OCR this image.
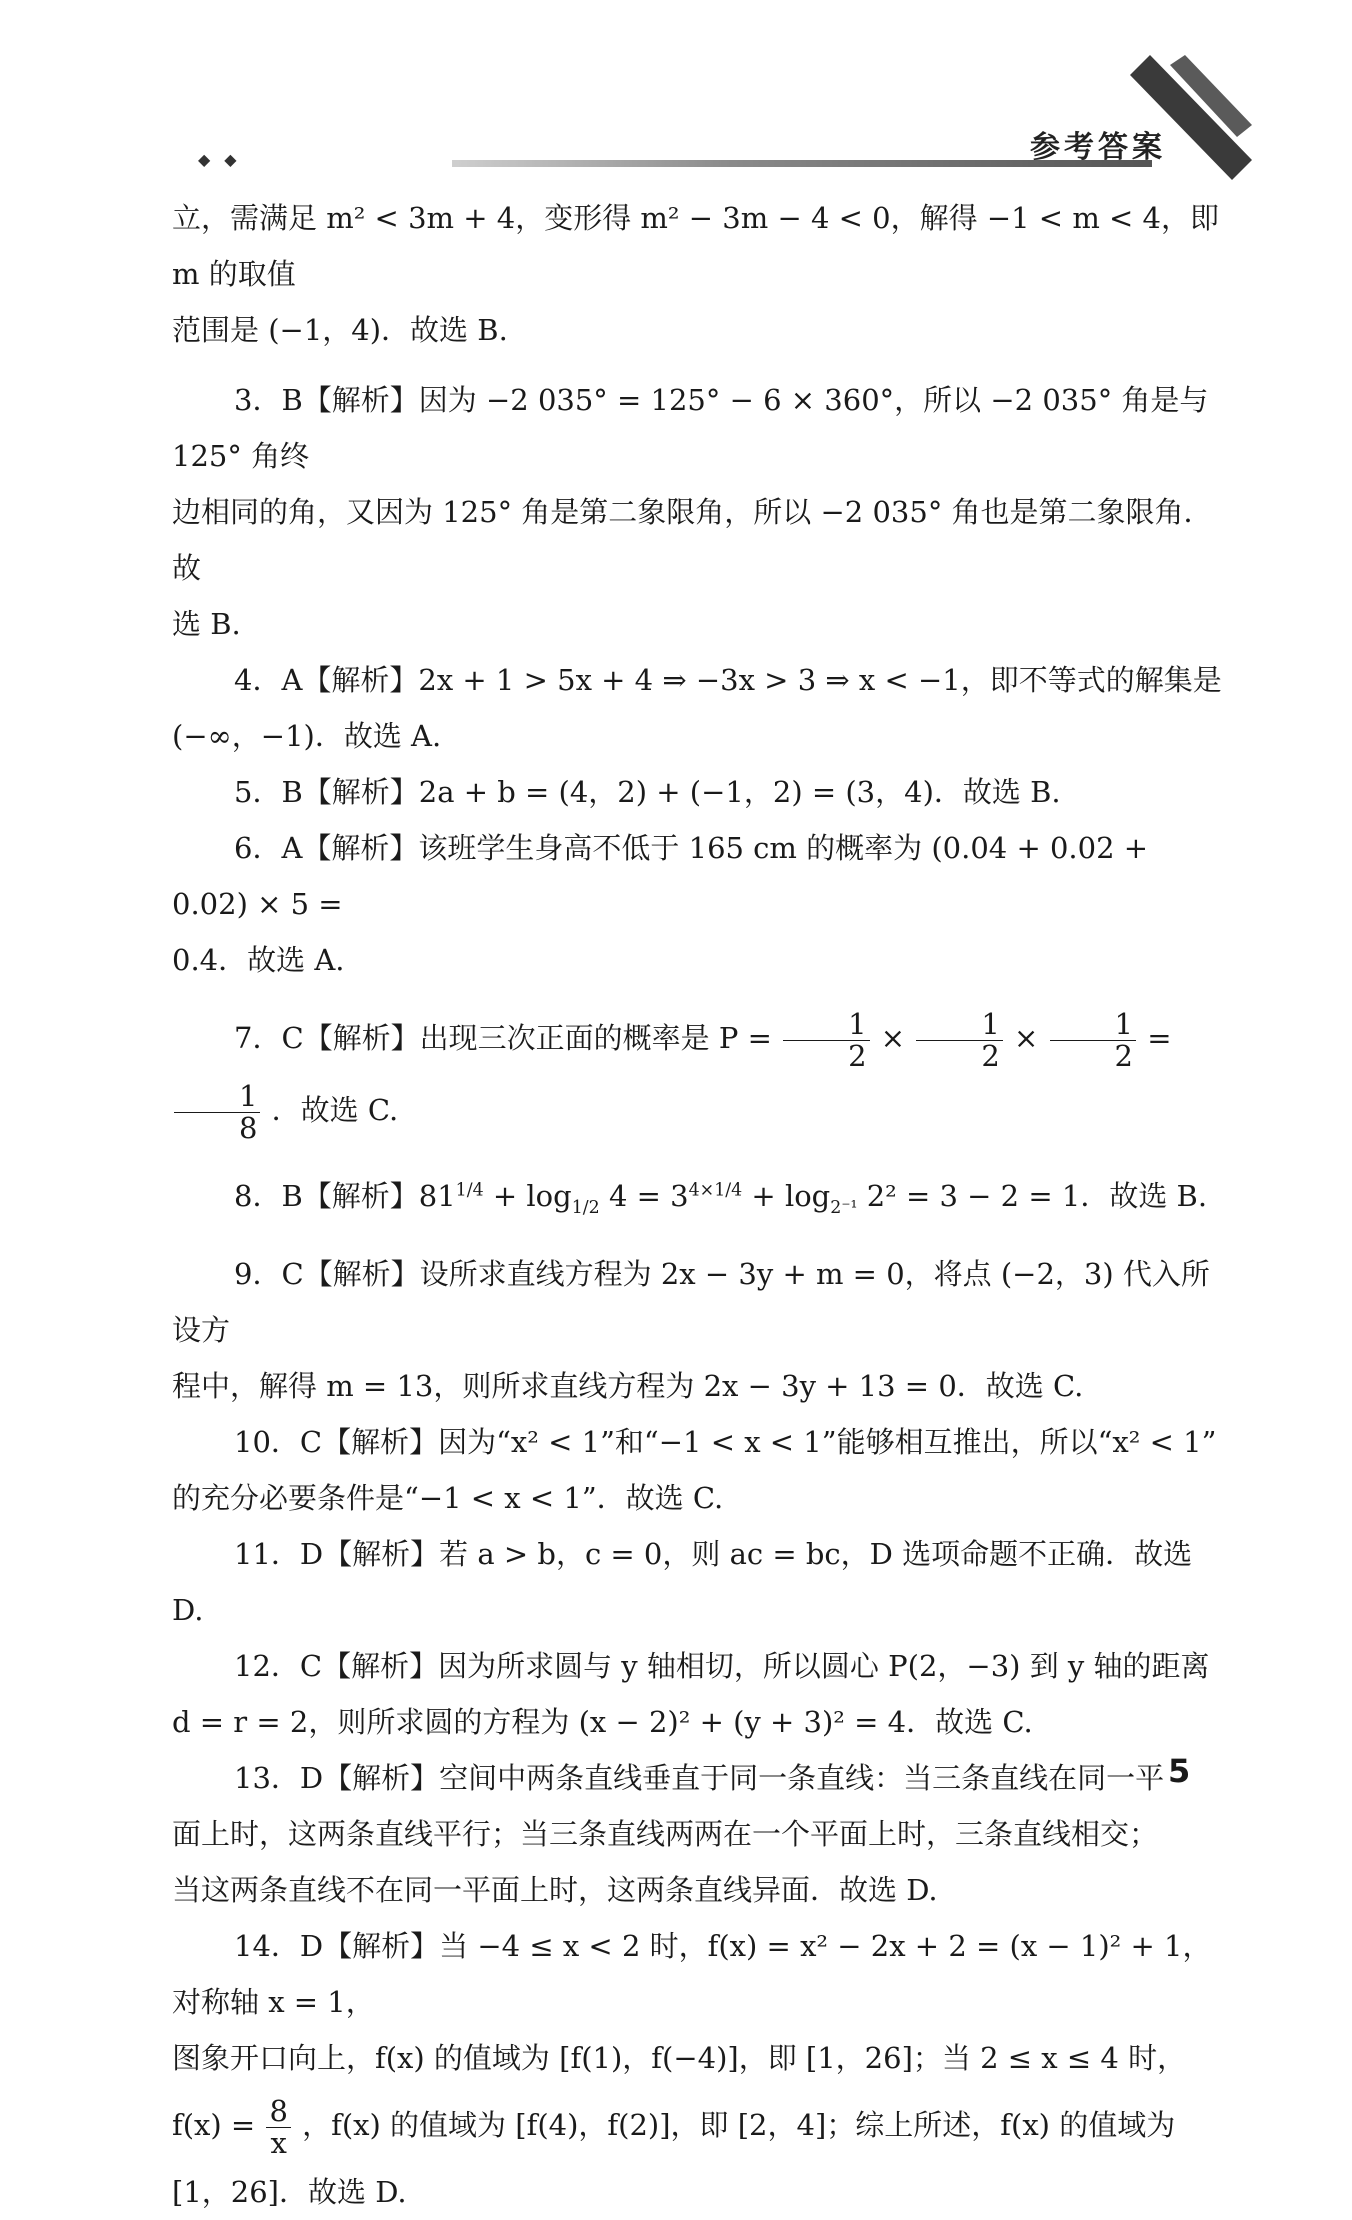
◆◆	参考答案

立，需满足 m² < 3m + 4，变形得 m² − 3m − 4 < 0，解得 −1 < m < 4，即 m 的取值

范围是 (−1，4)．故选 B.

3．B【解析】因为 −2 035° = 125° − 6 × 360°，所以 −2 035° 角是与 125° 角终

边相同的角，又因为 125° 角是第二象限角，所以 −2 035° 角也是第二象限角．故

选 B.

4．A【解析】2x + 1 > 5x + 4 ⇒ −3x > 3 ⇒ x < −1，即不等式的解集是

(−∞，−1)．故选 A.

5．B【解析】2a + b = (4，2) + (−1，2) = (3，4)．故选 B.

6．A【解析】该班学生身高不低于 165 cm 的概率为 (0.04 + 0.02 + 0.02) × 5 =

0.4．故选 A.

7．C【解析】出现三次正面的概率是 $P = \frac{1}{2} \times \frac{1}{2} \times \frac{1}{2}$ =
$\frac{1}{8}$ ．故选 C.

8．B【解析】$81^{1/4} + \log_{1/2} 4 = 3^{4\times 1/4} + \log_{2^{-1}} 2^2 = 3 - 2 = 1$．故选 B.

9．C【解析】设所求直线方程为 2x − 3y + m = 0，将点 (−2，3) 代入所设方

程中，解得 m = 13，则所求直线方程为 2x − 3y + 13 = 0．故选 C.

10．C【解析】因为“x² < 1”和“−1 < x < 1”能够相互推出，所以“x² < 1”

的充分必要条件是“−1 < x < 1”．故选 C.

11．D【解析】若 a > b，c = 0，则 ac = bc，D 选项命题不正确．故选 D.

12．C【解析】因为所求圆与 y 轴相切，所以圆心 P(2，−3) 到 y 轴的距离

d = r = 2，则所求圆的方程为 (x − 2)² + (y + 3)² = 4．故选 C.

13．D【解析】空间中两条直线垂直于同一条直线：当三条直线在同一平

面上时，这两条直线平行；当三条直线两两在一个平面上时，三条直线相交；

当这两条直线不在同一平面上时，这两条直线异面．故选 D.

14．D【解析】当 −4 ≤ x < 2 时，f(x) = x² − 2x + 2 = (x − 1)² + 1，对称轴 x = 1，

图象开口向上，f(x) 的值域为 [f(1)，f(−4)]，即 [1，26]；当 2 ≤ x ≤ 4 时，

$f(x) = \frac{8}{x}$ ，f(x) 的值域为 [f(4)，f(2)]，即 [2，4]；综上所述，f(x) 的值域为

[1，26]．故选 D.

5
